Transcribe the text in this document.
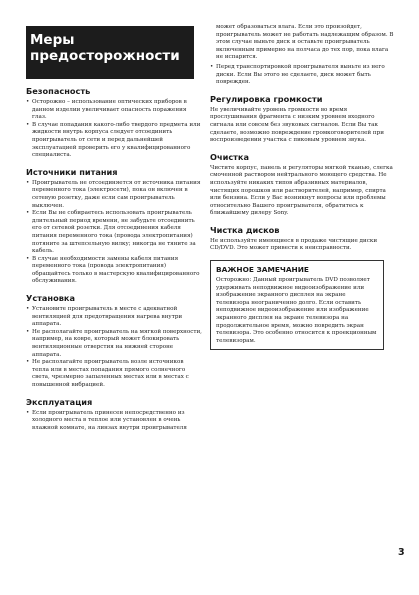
Меры
предосторожности
Безопасность
• Осторожно – использование оптических приборов в данном изделии увеличивает опасность поражения глаз.
• В случае попадания какого-либо твердого предмета или жидкости внутрь корпуса следует отсоединить проигрыватель от сети и перед дальнейшей эксплуатацией проверить его у квалифицированного специалиста.
Источники питания
• Проигрыватель не отсоединяется от источника питания переменного тока (электросети), пока он включен в сетевую розетку, даже если сам проигрыватель выключен.
• Если Вы не собираетесь использовать проигрыватель длительный период времени, не забудьте отсоединить его от сетевой розетки. Для отсоединения кабеля питания переменного тока (провода электропитания) потяните за штепсельную вилку; никогда не тяните за кабель.
• В случае необходимости замены кабеля питания переменного тока (провода электропитания) обращайтесь только в мастерскую квалифицированного обслуживания.
Установка
• Установите проигрыватель в месте с адекватной вентиляцией для предотвращения нагрева внутри аппарата.
• Не располагайте проигрыватель на мягкой поверхности, например, на ковре, который может блокировать вентиляционные отверстия на нижней стороне аппарата.
• Не располагайте проигрыватель возле источников тепла или в местах попадания прямого солнечного света, чрезмерно запыленных местах или в местах с повышенной вибрацией.
Эксплуатация
• Если проигрыватель принесен непосредственно из холодного места в теплое или установлен в очень влажной комнате, на линзах внутри проигрывателя

может образоваться влага. Если это произойдет, проигрыватель может не работать надлежащим образом. В этом случае выньте диск и оставьте проигрыватель включенным примерно на полчаса до тех пор, пока влага не испарится.

• Перед транспортировкой проигрывателя выньте из него диски. Если Вы этого не сделаете, диск может быть поврежден.
Регулировка громкости

Не увеличивайте уровень громкости во время прослушивания фрагмента с низким уровнем входного сигнала или совсем без звуковых сигналов. Если Вы так сделаете, возможно повреждение громкоговорителей при воспроизведении участка с пиковым уровнем звука.

Очистка

Чистите корпус, панель и регуляторы мягкой тканью, слегка смоченной раствором нейтрального моющего средства. Не используйте никаких типов абразивных материалов, чистящих порошков или растворителей, например, спирта или бензина. Если у Вас возникнут вопросы или проблемы относительно Вашего проигрывателя, обратитесь к ближайшему дилеру Sony.

Чистка дисков

Не используйте имеющиеся в продаже чистящие диски CD/DVD. Это может привести к неисправности.

ВАЖНОЕ ЗАМЕЧАНИЕ

Осторожно: Данный проигрыватель DVD позволяет удерживать неподвижное видеоизображение или изображение экранного дисплея на экране телевизора неограниченно долго. Если оставить неподвижное видеоизображение или изображение экранного дисплея на экране телевизора на продолжительное время, можно повредить экран телевизора. Это особенно относится к проекционным телевизорам.

3
